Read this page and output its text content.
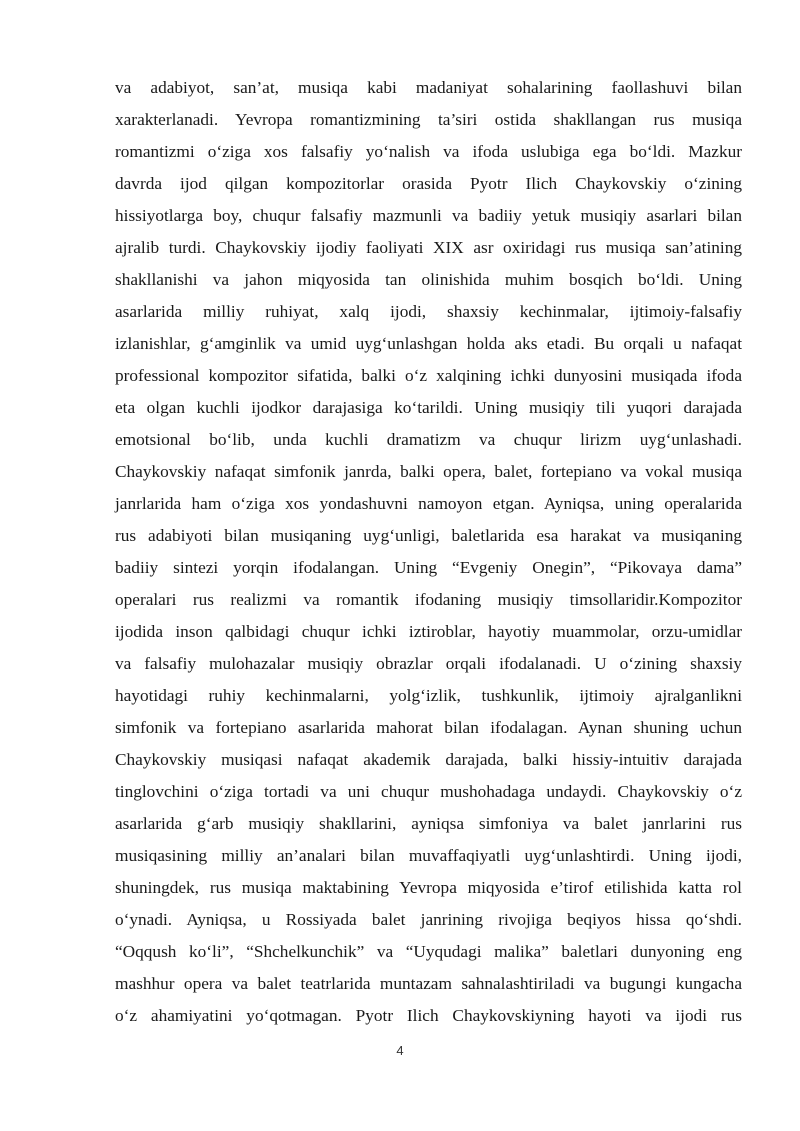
va adabiyot, san’at, musiqa kabi madaniyat sohalarining faollashuvi bilan
xarakterlanadi. Yevropa romantizmining ta’siri ostida shakllangan rus musiqa
romantizmi o‘ziga xos falsafiy yo‘nalish va ifoda uslubiga ega bo‘ldi. Mazkur
davrda ijod qilgan kompozitorlar orasida Pyotr Ilich Chaykovskiy o‘zining
hissiyotlarga boy, chuqur falsafiy mazmunli va badiiy yetuk musiqiy asarlari bilan
ajralib turdi. Chaykovskiy ijodiy faoliyati XIX asr oxiridagi rus musiqa san’atining
shakllanishi va jahon miqyosida tan olinishida muhim bosqich bo‘ldi. Uning
asarlarida milliy ruhiyat, xalq ijodi, shaxsiy kechinmalar, ijtimoiy-falsafiy
izlanishlar, g‘amginlik va umid uyg‘unlashgan holda aks etadi. Bu orqali u nafaqat
professional kompozitor sifatida, balki o‘z xalqining ichki dunyosini musiqada ifoda
eta olgan kuchli ijodkor darajasiga ko‘tarildi. Uning musiqiy tili yuqori darajada
emotsional bo‘lib, unda kuchli dramatizm va chuqur lirizm uyg‘unlashadi.
Chaykovskiy nafaqat simfonik janrda, balki opera, balet, fortepiano va vokal musiqa
janrlarida ham o‘ziga xos yondashuvni namoyon etgan. Ayniqsa, uning operalarida
rus adabiyoti bilan musiqaning uyg‘unligi, baletlarida esa harakat va musiqaning
badiiy sintezi yorqin ifodalangan. Uning “Evgeniy Onegin”, “Pikovaya dama”
operalari rus realizmi va romantik ifodaning musiqiy timsollaridir.Kompozitor
ijodida inson qalbidagi chuqur ichki iztiroblar, hayotiy muammolar, orzu-umidlar
va falsafiy mulohazalar musiqiy obrazlar orqali ifodalanadi. U o‘zining shaxsiy
hayotidagi ruhiy kechinmalarni, yolg‘izlik, tushkunlik, ijtimoiy ajralganlikni
simfonik va fortepiano asarlarida mahorat bilan ifodalagan. Aynan shuning uchun
Chaykovskiy musiqasi nafaqat akademik darajada, balki hissiy-intuitiv darajada
tinglovchini o‘ziga tortadi va uni chuqur mushohadaga undaydi. Chaykovskiy o‘z
asarlarida g‘arb musiqiy shakllarini, ayniqsa simfoniya va balet janrlarini rus
musiqasining milliy an’analari bilan muvaffaqiyatli uyg‘unlashtirdi. Uning ijodi,
shuningdek, rus musiqa maktabining Yevropa miqyosida e’tirof etilishida katta rol
o‘ynadi. Ayniqsa, u Rossiyada balet janrining rivojiga beqiyos hissa qo‘shdi.
“Oqqush ko‘li”, “Shchelkunchik” va “Uyqudagi malika” baletlari dunyoning eng
mashhur opera va balet teatrlarida muntazam sahnalashtiriladi va bugungi kungacha
o‘z ahamiyatini yo‘qotmagan. Pyotr Ilich Chaykovskiyning hayoti va ijodi rus
4
